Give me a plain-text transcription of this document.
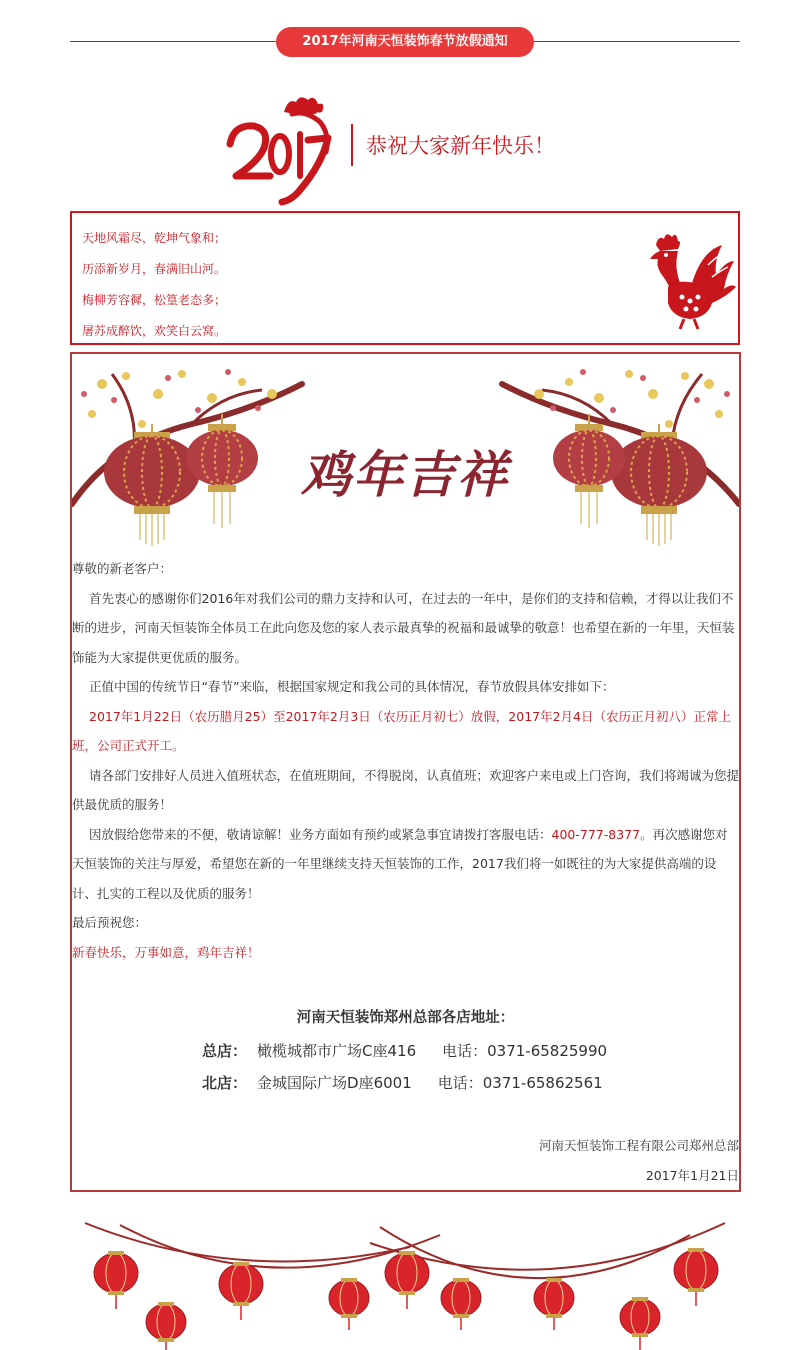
2017年河南天恒装饰春节放假通知
恭祝大家新年快乐！
天地风霜尽，乾坤气象和；
历添新岁月，春满旧山河。
梅柳芳容徲，松篁老态多；
屠苏成醉饮，欢笑白云窝。
鸡年吉祥

尊敬的新老客户：

首先衷心的感谢你们2016年对我们公司的鼎力支持和认可，在过去的一年中，是你们的支持和信赖，才得以让我们不断的进步，河南天恒装饰全体员工在此向您及您的家人表示最真挚的祝福和最诚挚的敬意！也希望在新的一年里，天恒装饰能为大家提供更优质的服务。

正值中国的传统节日“春节”来临，根据国家规定和我公司的具体情况，春节放假具体安排如下：

2017年1月22日（农历腊月25）至2017年2月3日（农历正月初七）放假，2017年2月4日（农历正月初八）正常上班，公司正式开工。

请各部门安排好人员进入值班状态，在值班期间，不得脱岗，认真值班；欢迎客户来电或上门咨询，我们将竭诚为您提供最优质的服务！

因放假给您带来的不便，敬请谅解！业务方面如有预约或紧急事宜请拨打客服电话：400-777-8377。再次感谢您对天恒装饰的关注与厚爱，希望您在新的一年里继续支持天恒装饰的工作，2017我们将一如既往的为大家提供高端的设计、扎实的工程以及优质的服务！

最后预祝您：

新春快乐，万事如意，鸡年吉祥！

河南天恒装饰郑州总部各店地址：
总店： 橄榄城都市广场C座416 电话：0371-65825990
北店： 金城国际广场D座6001 电话：0371-65862561
河南天恒装饰工程有限公司郑州总部
2017年1月21日
